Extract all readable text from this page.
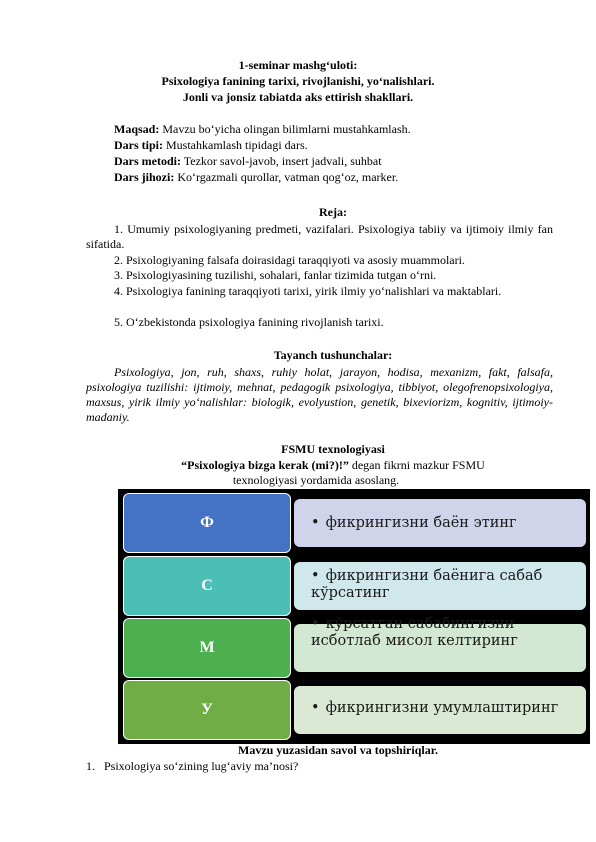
1-seminar mashg‘uloti:
Psixologiya fanining tarixi, rivojlanishi, yo‘nalishlari.
Jonli va jonsiz tabiatda aks ettirish shakllari.
Maqsad: Mavzu bo‘yicha olingan bilimlarni mustahkamlash.
Dars tipi: Mustahkamlash tipidagi dars.
Dars metodi: Tezkor savol-javob, insert jadvali, suhbat
Dars jihozi: Ko‘rgazmali qurollar, vatman qog‘oz, marker.
Reja:
1. Umumiy psixologiyaning predmeti, vazifalari. Psixologiya tabiiy va ijtimoiy ilmiy fan sifatida.
2. Psixologiyaning falsafa doirasidagi taraqqiyoti va asosiy muammolari.
3. Psixologiyasining tuzilishi, sohalari, fanlar tizimida tutgan o‘rni.
4. Psixologiya fanining taraqqiyoti tarixi, yirik ilmiy yo‘nalishlari va maktablari.
5. O‘zbekistonda psixologiya fanining rivojlanish tarixi.
Tayanch tushunchalar:
Psixologiya, jon, ruh, shaxs, ruhiy holat, jarayon, hodisa, mexanizm, fakt, falsafa, psixologiya tuzilishi: ijtimoiy, mehnat, pedagogik psixologiya, tibbiyot, olegofrenopsixologiya, maxsus, yirik ilmiy yo‘nalishlar: biologik, evolyustion, genetik, bixeviorizm, kognitiv, ijtimoiy-madaniy.
FSMU texnologiyasi
“Psixologiya bizga kerak (mi?)!” degan fikrni mazkur FSMU
texnologiyasi yordamida asoslang.
Ф	• фикрингизни баён этинг
С
• фикрингизни баёнига сабаб кўрсатинг
М
• кўрсатган сабабингизни исботлаб мисол келтиринг
У	• фикрингизни умумлаштиринг
Mavzu yuzasidan savol va topshiriqlar.
1.   Psixologiya so‘zining lug‘aviy ma’nosi?
